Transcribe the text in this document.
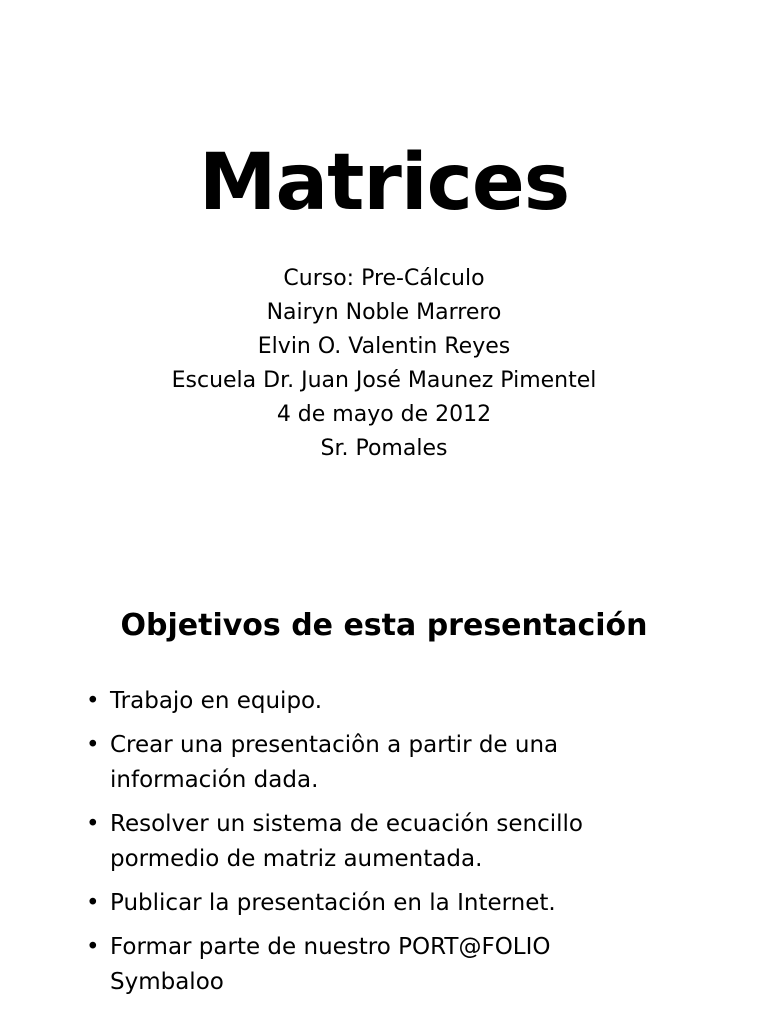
Matrices
Curso: Pre-Cálculo
Nairyn Noble Marrero
Elvin O. Valentin Reyes
Escuela Dr. Juan José Maunez Pimentel
4 de mayo de 2012
Sr. Pomales
Objetivos de esta presentación
• Trabajo en equipo.
• Crear una presentaciôn a partir de una
información dada.
• Resolver un sistema de ecuación sencillo
pormedio de matriz aumentada.
• Publicar la presentación en la Internet.
• Formar parte de nuestro PORT@FOLIO
Symbaloo
